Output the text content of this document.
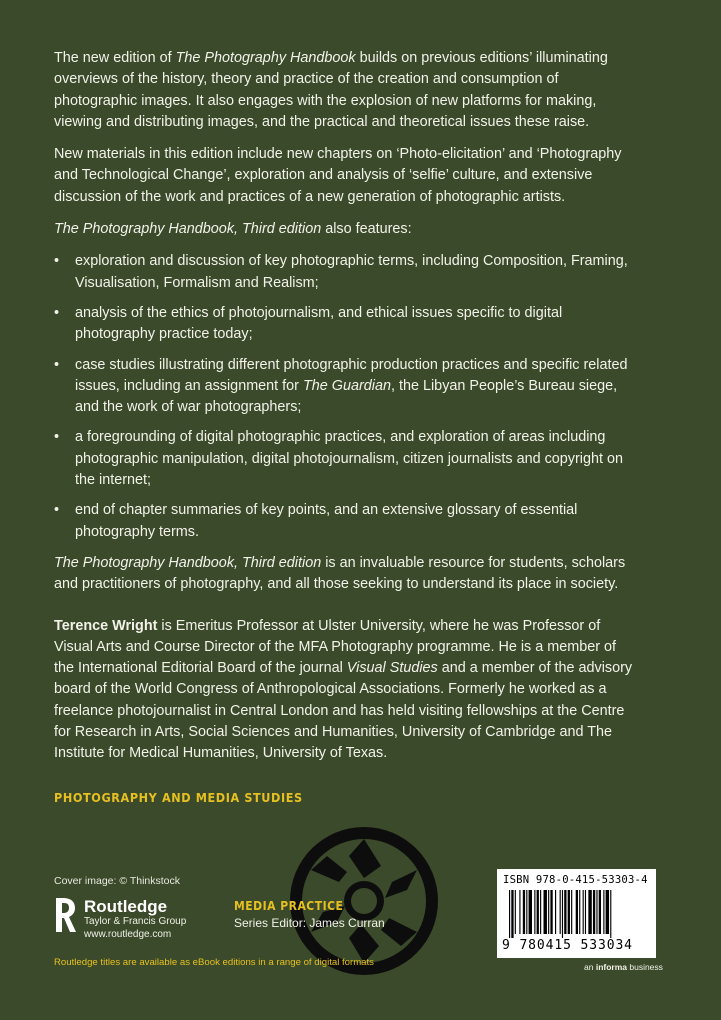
The new edition of The Photography Handbook builds on previous editions’ illuminating overviews of the history, theory and practice of the creation and consumption of photographic images. It also engages with the explosion of new platforms for making, viewing and distributing images, and the practical and theoretical issues these raise.

New materials in this edition include new chapters on ‘Photo-elicitation’ and ‘Photography and Technological Change’, exploration and analysis of ‘selfie’ culture, and extensive discussion of the work and practices of a new generation of photographic artists.

The Photography Handbook, Third edition also features:

• exploration and discussion of key photographic terms, including Composition, Framing, Visualisation, Formalism and Realism;
• analysis of the ethics of photojournalism, and ethical issues specific to digital photography practice today;
• case studies illustrating different photographic production practices and specific related issues, including an assignment for The Guardian, the Libyan People’s Bureau siege, and the work of war photographers;
• a foregrounding of digital photographic practices, and exploration of areas including photographic manipulation, digital photojournalism, citizen journalists and copyright on the internet;
• end of chapter summaries of key points, and an extensive glossary of essential photography terms.

The Photography Handbook, Third edition is an invaluable resource for students, scholars and practitioners of photography, and all those seeking to understand its place in society.

Terence Wright is Emeritus Professor at Ulster University, where he was Professor of Visual Arts and Course Director of the MFA Photography programme. He is a member of the International Editorial Board of the journal Visual Studies and a member of the advisory board of the World Congress of Anthropological Associations. Formerly he worked as a freelance photojournalist in Central London and has held visiting fellowships at the Centre for Research in Arts, Social Sciences and Humanities, University of Cambridge and The Institute for Medical Humanities, University of Texas.

PHOTOGRAPHY AND MEDIA STUDIES
Cover image: © Thinkstock
Routledge
Taylor & Francis Group
www.routledge.com
MEDIA PRACTICE
Series Editor: James Curran
Routledge titles are available as eBook editions in a range of digital formats
ISBN 978-0-415-53303-4
9 780415 533034
an informa business
